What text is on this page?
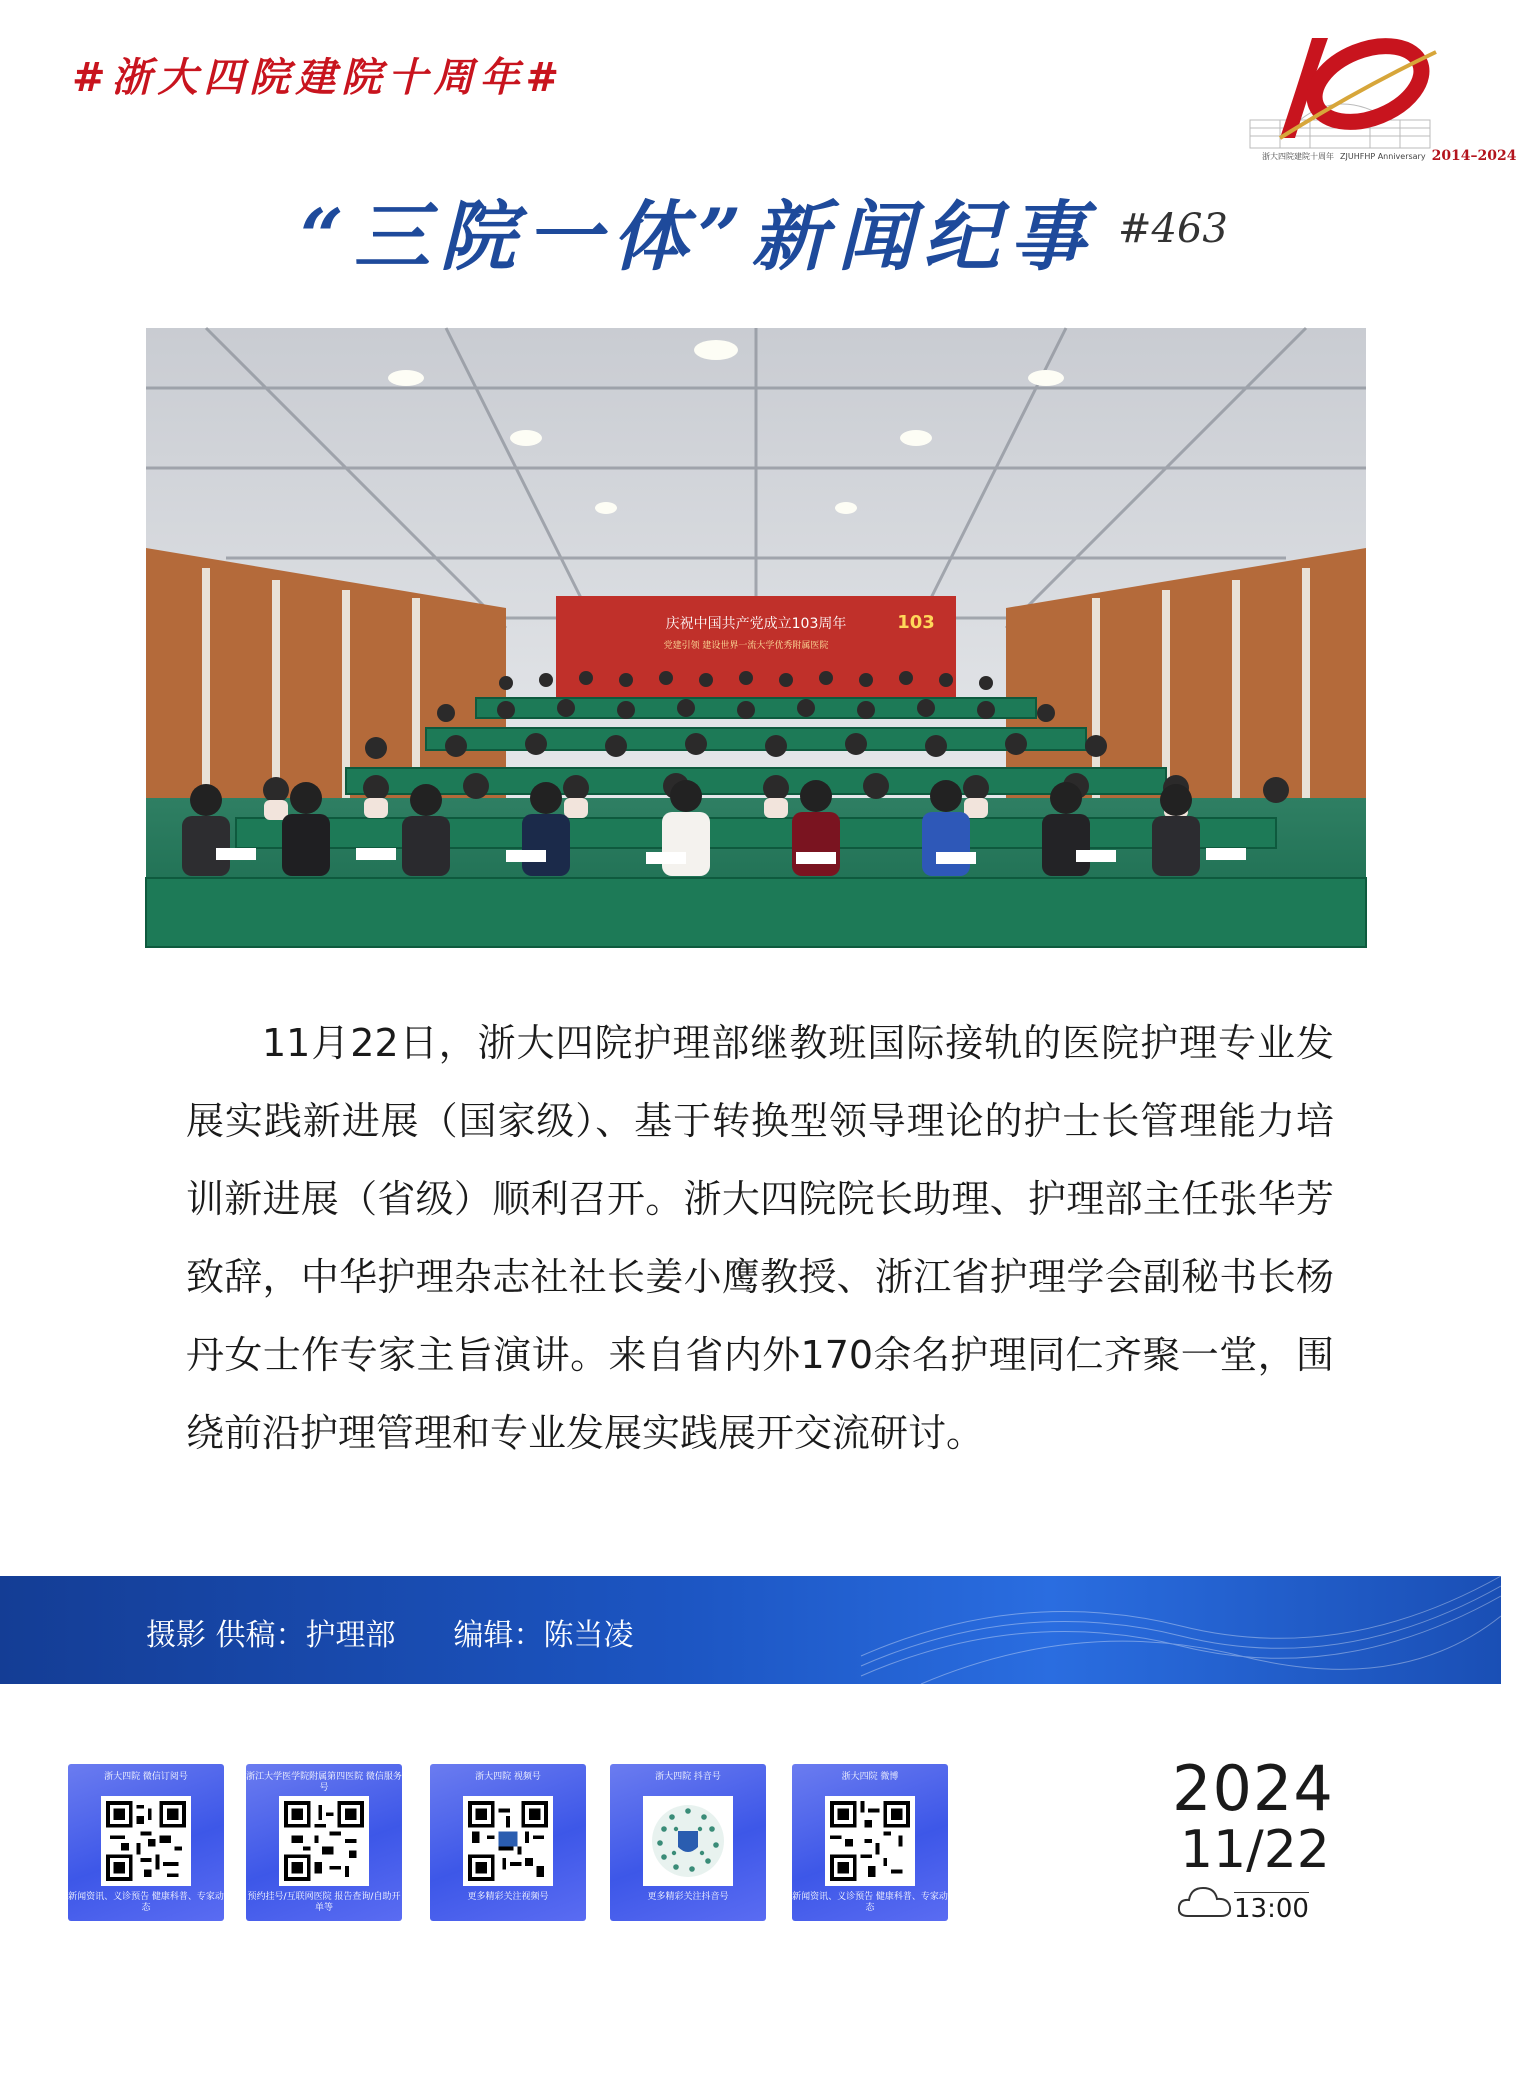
#浙大四院建院十周年#
浙大四院建院十周年 ZJUHFHP Anniversary 2014–2024
“三院一体”新闻纪事 #463
庆祝中国共产党成立103周年
党建引领 建设世界一流大学优秀附属医院
103

11月22日，浙大四院护理部继教班国际接轨的医院护理专业发展实践新进展（国家级）、基于转换型领导理论的护士长管理能力培训新进展（省级）顺利召开。浙大四院院长助理、护理部主任张华芳致辞，中华护理杂志社社长姜小鹰教授、浙江省护理学会副秘书长杨丹女士作专家主旨演讲。来自省内外170余名护理同仁齐聚一堂，围绕前沿护理管理和专业发展实践展开交流研讨。

摄影 供稿：护理部 编辑：陈当凌
浙大四院 微信订阅号
新闻资讯、义诊预告 健康科普、专家动态
浙江大学医学院附属第四医院 微信服务号
预约挂号/互联网医院 报告查询/自助开单等
浙大四院 视频号
更多精彩关注视频号
浙大四院 抖音号
更多精彩关注抖音号
浙大四院 微博
新闻资讯、义诊预告 健康科普、专家动态
2024
11/22
13:00
